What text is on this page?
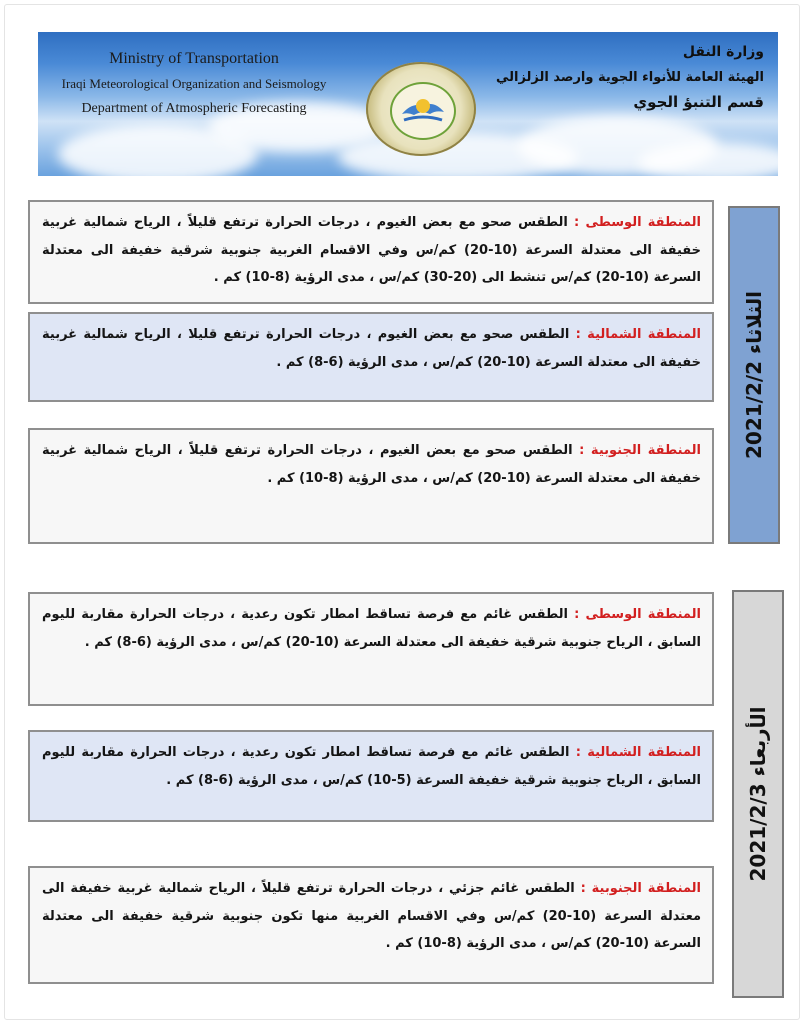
Ministry of Transportation
Iraqi Meteorological Organization and Seismology
Department of Atmospheric Forecasting
وزارة النقل
الهيئة العامة للأنواء الجوية وارصد الزلزالي
قسم التنبؤ الجوي
المنطقة الوسطى : الطقس صحو مع بعض الغيوم ، درجات الحرارة ترتفع قليلاً ، الرياح شمالية غربية خفيفة الى معتدلة السرعة (10-20) كم/س وفي الاقسام الغربية جنوبية شرقية خفيفة الى معتدلة السرعة (10-20) كم/س تنشط الى (20-30) كم/س ، مدى الرؤية (8-10) كم .
المنطقة الشمالية : الطقس صحو مع بعض الغيوم ، درجات الحرارة ترتفع قليلا ، الرياح شمالية غربية خفيفة الى معتدلة السرعة (10-20) كم/س ، مدى الرؤية (6-8) كم .
المنطقة الجنوبية : الطقس صحو مع بعض الغيوم ، درجات الحرارة ترتفع قليلاً ، الرياح شمالية غربية خفيفة الى معتدلة السرعة (10-20) كم/س ، مدى الرؤية (8-10) كم .
الثلاثاء 2021/2/2
المنطقة الوسطى : الطقس غائم مع فرصة تساقط امطار تكون رعدية ، درجات الحرارة مقاربة لليوم السابق ، الرياح جنوبية شرقية خفيفة الى معتدلة السرعة (10-20) كم/س ، مدى الرؤية (6-8) كم .
المنطقة الشمالية : الطقس غائم مع فرصة تساقط امطار تكون رعدية ، درجات الحرارة مقاربة لليوم السابق ، الرياح جنوبية شرقية خفيفة السرعة (5-10) كم/س ، مدى الرؤية (6-8) كم .
المنطقة الجنوبية : الطقس غائم جزئي ، درجات الحرارة ترتفع قليلاً ، الرياح شمالية غربية خفيفة الى معتدلة السرعة (10-20) كم/س وفي الاقسام الغربية منها تكون جنوبية شرقية خفيفة الى معتدلة السرعة (10-20) كم/س ، مدى الرؤية (8-10) كم .
الأربعاء 2021/2/3
